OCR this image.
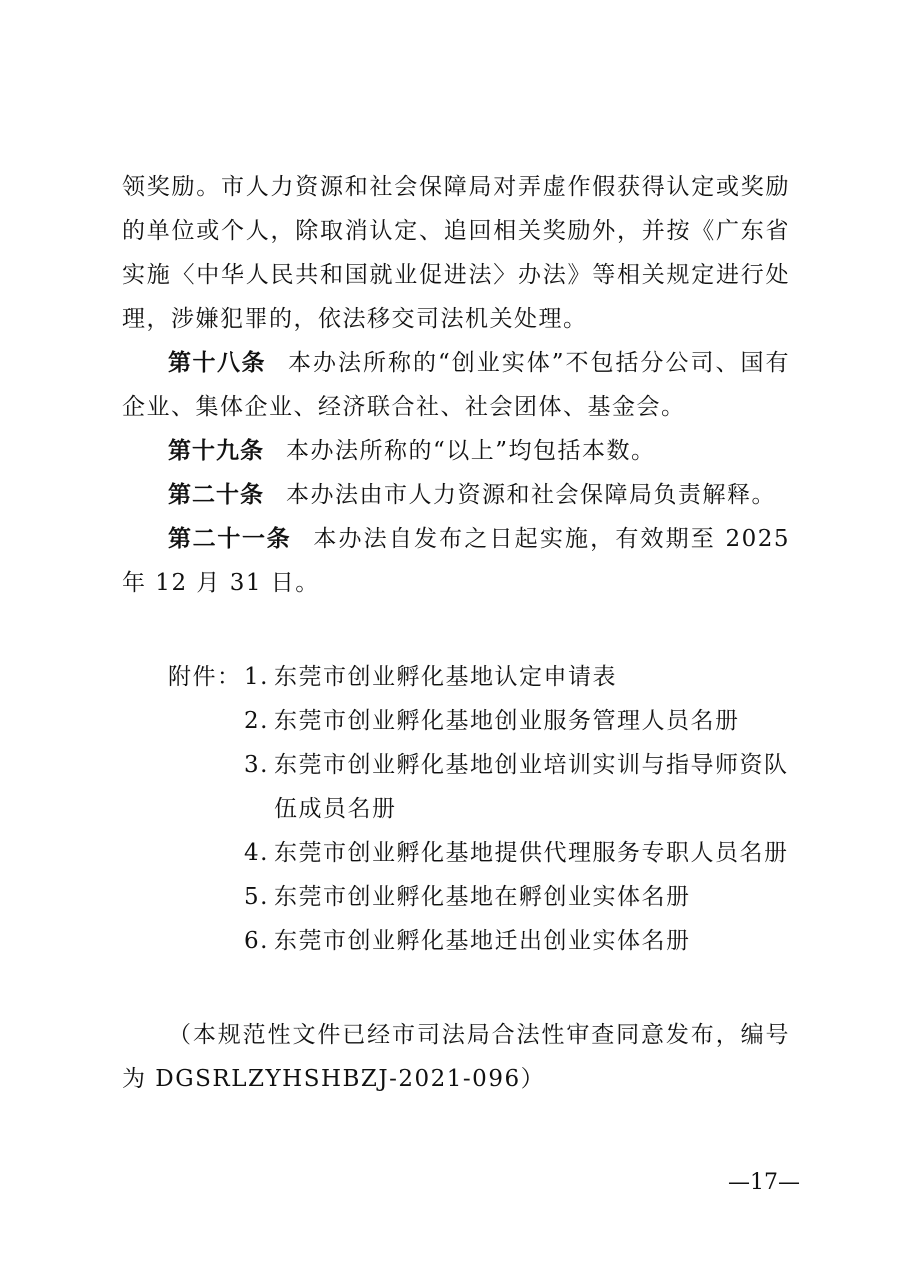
领奖励。市人力资源和社会保障局对弄虚作假获得认定或奖励的单位或个人，除取消认定、追回相关奖励外，并按《广东省实施〈中华人民共和国就业促进法〉办法》等相关规定进行处理，涉嫌犯罪的，依法移交司法机关处理。

第十八条 本办法所称的“创业实体”不包括分公司、国有企业、集体企业、经济联合社、社会团体、基金会。

第十九条 本办法所称的“以上”均包括本数。

第二十条 本办法由市人力资源和社会保障局负责解释。

第二十一条 本办法自发布之日起实施，有效期至 2025 年 12 月 31 日。

附件： 1. 东莞市创业孵化基地认定申请表
2. 东莞市创业孵化基地创业服务管理人员名册
3. 东莞市创业孵化基地创业培训实训与指导师资队伍成员名册
4. 东莞市创业孵化基地提供代理服务专职人员名册
5. 东莞市创业孵化基地在孵创业实体名册
6. 东莞市创业孵化基地迁出创业实体名册

（本规范性文件已经市司法局合法性审查同意发布，编号为 DGSRLZYHSHBZJ-2021-096）

—17—
